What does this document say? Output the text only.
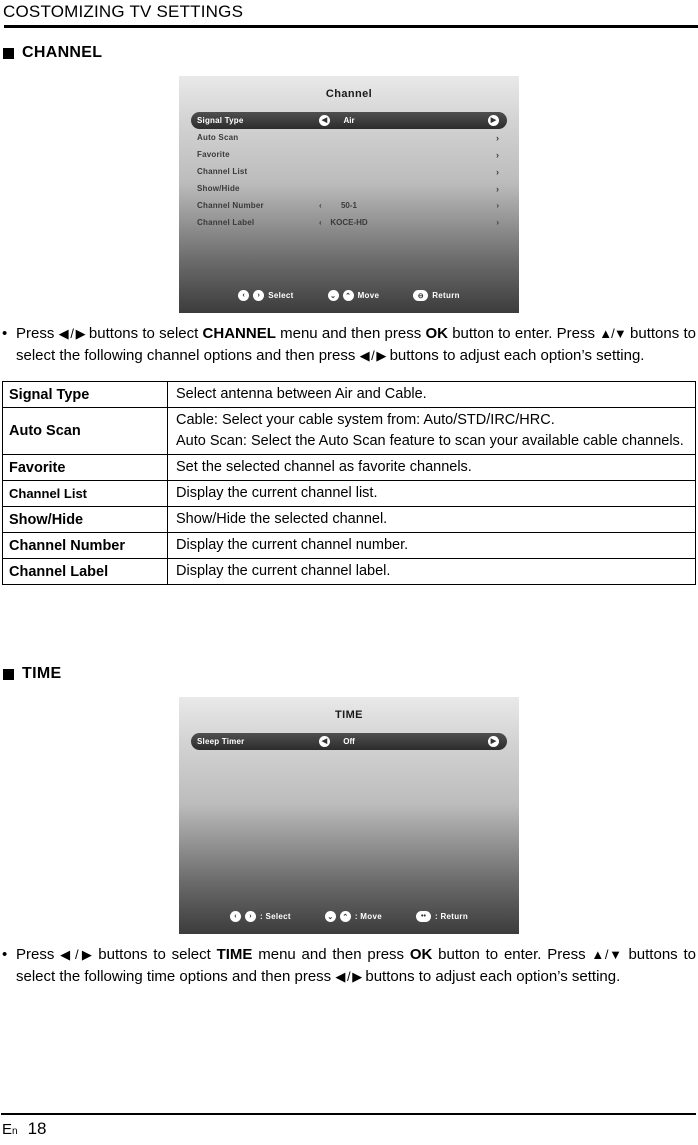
COSTOMIZING TV SETTINGS
CHANNEL
Channel
Signal Type	Air
◀	▶
Auto Scan	›
Favorite	›
Channel List	›
Show/Hide	›
Channel Number	50-1
‹	›
Channel Label	KOCE-HD
‹	›
‹	›	Select	⌄	⌃ Move	⊖	Return
• Press ◀ / ▶ buttons to select CHANNEL menu and then press OK button to enter. Press ▲/▼ buttons to select the following channel options and then press ◀ / ▶ buttons to adjust each option’s setting.
Signal Type	Select antenna between Air and Cable.
Auto Scan	Cable: Select your cable system from: Auto/STD/IRC/HRC.
Auto Scan: Select the Auto Scan feature to scan your available cable channels.

Favorite	Set the selected channel as favorite channels.
Channel List	Display the current channel list.
Show/Hide	Show/Hide the selected channel.
Channel Number	Display the current channel number.
Channel Label	Display the current channel label.
TIME
TIME
Sleep Timer	Off
◀	▶
‹	›	: Select	⌄	⌃ : Move	••	: Return
• Press ◀ / ▶ buttons to select TIME menu and then press OK button to enter. Press ▲/▼ buttons to select the following time options and then press ◀ / ▶ buttons to adjust each option’s setting.
En 18
